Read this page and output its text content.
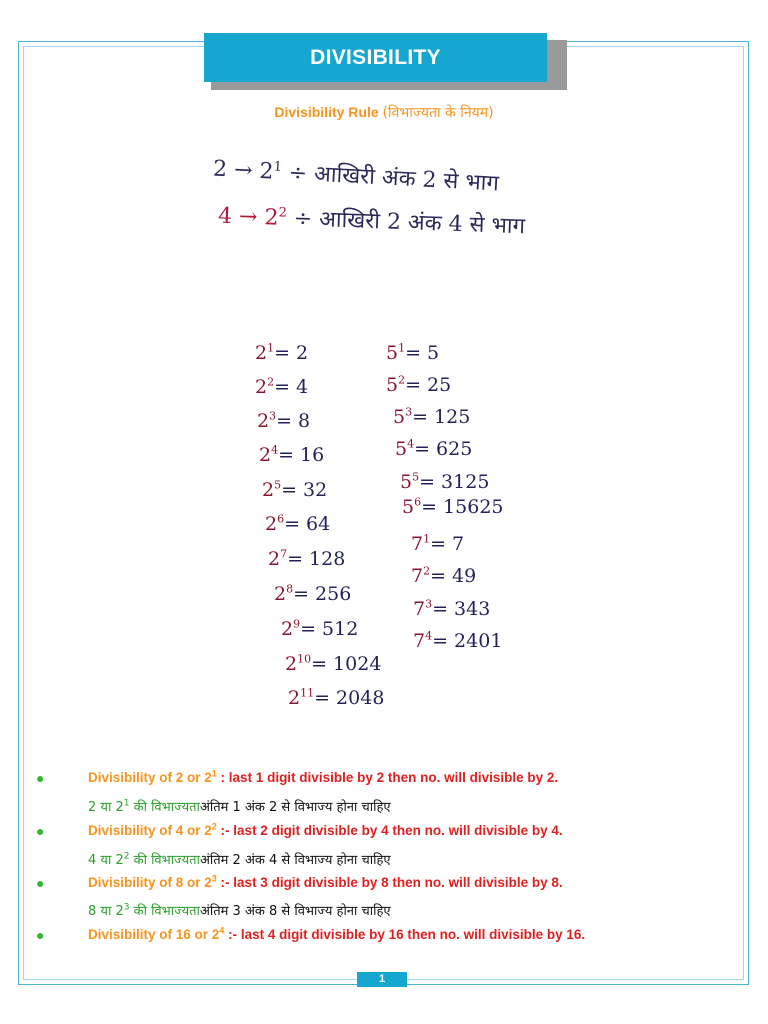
DIVISIBILITY
Divisibility Rule (विभाज्यता के नियम)
$2 \to 2^1$ ÷ आखिरी अंक 2 से भाग
$4 \to 2^2$ ÷ आखिरी 2 अंक 4 से भाग
$2^1= 2$
$2^2= 4$
$2^3= 8$
$2^4= 16$
$2^5= 32$
$2^6= 64$
$2^7= 128$
$2^8= 256$
$2^9= 512$
$2^{10}= 1024$
$2^{11}= 2048$
$5^1= 5$
$5^2= 25$
$5^3= 125$
$5^4= 625$
$5^5= 3125$
$5^6= 15625$
$7^1= 7$
$7^2= 49$
$7^3= 343$
$7^4= 2401$
●	Divisibility of 2 or $2^1$ : last 1 digit divisible by 2 then no. will divisible by 2.
2 या $2^1$ की विभाज्यताअंतिम 1 अंक 2 से विभाज्य होना चाहिए
●	Divisibility of 4 or $2^2$ :- last 2 digit divisible by 4 then no. will divisible by 4.
4 या $2^2$ की विभाज्यताअंतिम 2 अंक 4 से विभाज्य होना चाहिए
●	Divisibility of 8 or $2^3$ :- last 3 digit divisible by 8 then no. will divisible by 8.
8 या $2^3$ की विभाज्यताअंतिम 3 अंक 8 से विभाज्य होना चाहिए
●	Divisibility of 16 or $2^4$ :- last 4 digit divisible by 16 then no. will divisible by 16.
1
